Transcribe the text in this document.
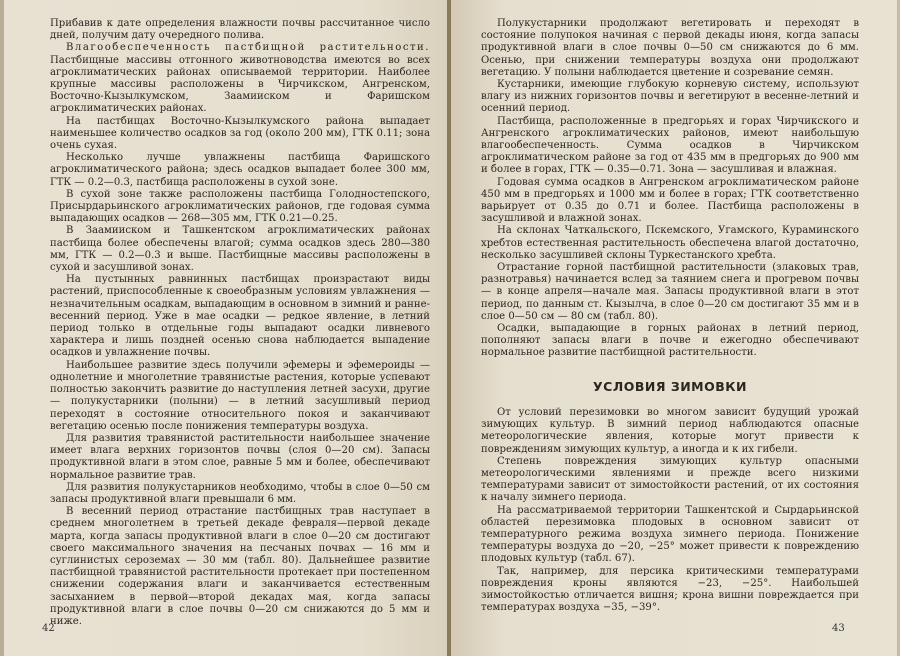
Прибавив к дате определения влажности почвы рассчитанное число дней, получим дату очередного полива.

Влагообеспеченность пастбищной растительности. Пастбищные массивы отгонного животноводства имеются во всех агроклиматических районах описываемой территории. Наиболее крупные массивы расположены в Чирчикском, Ангренском, Восточно-Кызылкумском, Заамииском и Фаришском агроклиматических районах.

На пастбищах Восточно-Кызылкумского района выпадает наименьшее количество осадков за год (около 200 мм), ГТК 0.11; зона очень сухая.

Несколько лучше увлажнены пастбища Фаришского агроклиматического района; здесь осадков выпадает более 300 мм, ГТК — 0.2—0.3, пастбища расположены в сухой зоне.

В сухой зоне также расположены пастбища Голодностепского, Присырдарьинского агроклиматических районов, где годовая сумма выпадающих осадков — 268—305 мм, ГТК 0.21—0.25.

В Заамииском и Ташкентском агроклиматических районах пастбища более обеспечены влагой; сумма осадков здесь 280—380 мм, ГТК — 0.2—0.3 и выше. Пастбищные массивы расположены в сухой и засушливой зонах.

На пустынных равнинных пастбищах произрастают виды растений, приспособленные к своеобразным условиям увлажнения — незначительным осадкам, выпадающим в основном в зимний и ранне-весенний период. Уже в мае осадки — редкое явление, в летний период только в отдельные годы выпадают осадки ливневого характера и лишь поздней осенью снова наблюдается выпадение осадков и увлажнение почвы.

Наибольшее развитие здесь получили эфемеры и эфемероиды — однолетние и многолетние травянистые растения, которые успевают полностью закончить развитие до наступления летней засухи, другие — полукустарники (полыни) — в летний засушливый период переходят в состояние относительного покоя и заканчивают вегетацию осенью после понижения температуры воздуха.

Для развития травянистой растительности наибольшее значение имеет влага верхних горизонтов почвы (слоя 0—20 см). Запасы продуктивной влаги в этом слое, равные 5 мм и более, обеспечивают нормальное развитие трав.

Для развития полукустарников необходимо, чтобы в слое 0—50 см запасы продуктивной влаги превышали 6 мм.

В весенний период отрастание пастбищных трав наступает в среднем многолетнем в третьей декаде февраля—первой декаде марта, когда запасы продуктивной влаги в слое 0—20 см достигают своего максимального значения на песчаных почвах — 16 мм и суглинистых сероземах — 30 мм (табл. 80). Дальнейшее развитие пастбищной травянистой растительности протекает при постепенном снижении содержания влаги и заканчивается естественным засыханием в первой—второй декадах мая, когда запасы продуктивной влаги в слое почвы 0—20 см снижаются до 5 мм и ниже.

42

Полукустарники продолжают вегетировать и переходят в состояние полупокоя начиная с первой декады июня, когда запасы продуктивной влаги в слое почвы 0—50 см снижаются до 6 мм. Осенью, при снижении температуры воздуха они продолжают вегетацию. У полыни наблюдается цветение и созревание семян.

Кустарники, имеющие глубокую корневую систему, используют влагу из нижних горизонтов почвы и вегетируют в весенне-летний и осенний период.

Пастбища, расположенные в предгорьях и горах Чирчикского и Ангренского агроклиматических районов, имеют наибольшую влагообеспеченность. Сумма осадков в Чирчикском агроклиматическом районе за год от 435 мм в предгорьях до 900 мм и более в горах, ГТК — 0.35—0.71. Зона — засушливая и влажная.

Годовая сумма осадков в Ангренском агроклиматическом районе 450 мм в предгорьях и 1000 мм и более в горах; ГТК соответственно варьирует от 0.35 до 0.71 и более. Пастбища расположены в засушливой и влажной зонах.

На склонах Чаткальского, Пскемского, Угамского, Кураминского хребтов естественная растительность обеспечена влагой достаточно, несколько засушливей склоны Туркестанского хребта.

Отрастание горной пастбищной растительности (злаковых трав, разнотравья) начинается вслед за таянием снега и прогревом почвы — в конце апреля—начале мая. Запасы продуктивной влаги в этот период, по данным ст. Кызылча, в слое 0—20 см достигают 35 мм и в слое 0—50 см — 80 см (табл. 80).

Осадки, выпадающие в горных районах в летний период, пополняют запасы влаги в почве и ежегодно обеспечивают нормальное развитие пастбищной растительности.

УСЛОВИЯ ЗИМОВКИ

От условий перезимовки во многом зависит будущий урожай зимующих культур. В зимний период наблюдаются опасные метеорологические явления, которые могут привести к повреждениям зимующих культур, а иногда и к их гибели.

Степень повреждения зимующих культур опасными метеорологическими явлениями и прежде всего низкими температурами зависит от зимостойкости растений, от их состояния к началу зимнего периода.

На рассматриваемой территории Ташкентской и Сырдарьинской областей перезимовка плодовых в основном зависит от температурного режима воздуха зимнего периода. Понижение температуры воздуха до −20, −25° может привести к повреждению плодовых культур (табл. 67).

Так, например, для персика критическими температурами повреждения кроны являются −23, −25°. Наибольшей зимостойкостью отличается вишня; крона вишни повреждается при температурах воздуха −35, −39°.

43
